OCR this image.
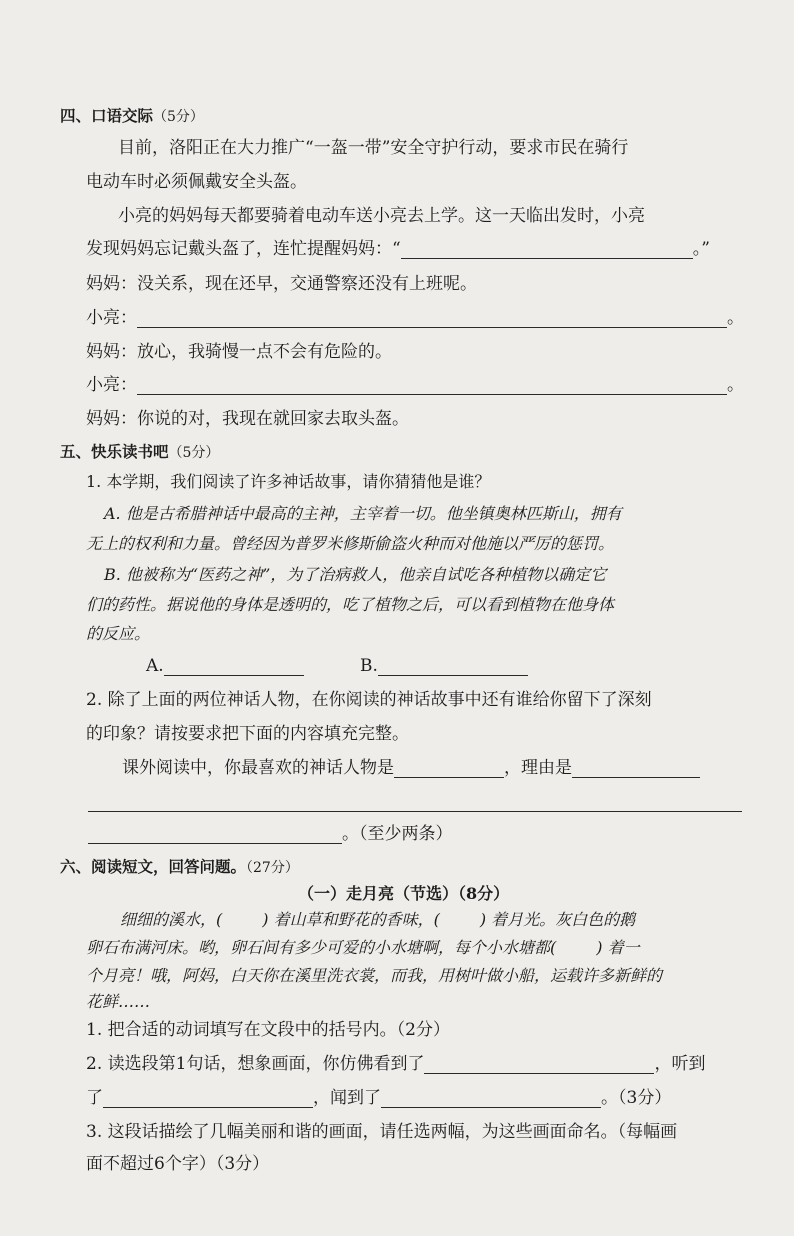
四、口语交际（5分）
目前，洛阳正在大力推广“一盔一带”安全守护行动，要求市民在骑行
电动车时必须佩戴安全头盔。
小亮的妈妈每天都要骑着电动车送小亮去上学。这一天临出发时，小亮
发现妈妈忘记戴头盔了，连忙提醒妈妈：“	。”
妈妈：没关系，现在还早，交通警察还没有上班呢。
小亮：	。
妈妈：放心，我骑慢一点不会有危险的。
小亮：	。
妈妈：你说的对，我现在就回家去取头盔。
五、快乐读书吧（5分）
1. 本学期，我们阅读了许多神话故事，请你猜猜他是谁？
A. 他是古希腊神话中最高的主神，主宰着一切。他坐镇奥林匹斯山，拥有
无上的权利和力量。曾经因为普罗米修斯偷盗火种而对他施以严厉的惩罚。
B. 他被称为“医药之神”，为了治病救人，他亲自试吃各种植物以确定它
们的药性。据说他的身体是透明的，吃了植物之后，可以看到植物在他身体
的反应。
A.	B.
2. 除了上面的两位神话人物，在你阅读的神话故事中还有谁给你留下了深刻
的印象？请按要求把下面的内容填充完整。
课外阅读中，你最喜欢的神话人物是	，理由是
。（至少两条）
六、阅读短文，回答问题。（27分）
（一）走月亮（节选）（8分）
细细的溪水，(	) 着山草和野花的香味，(	) 着月光。灰白色的鹅
卵石布满河床。哟，卵石间有多少可爱的小水塘啊，每个小水塘都(	) 着一
个月亮！哦，阿妈，白天你在溪里洗衣裳，而我，用树叶做小船，运载许多新鲜的
花鲜……
1. 把合适的动词填写在文段中的括号内。（2分）
2. 读选段第1句话，想象画面，你仿佛看到了	，听到
了	，闻到了	。（3分）
3. 这段话描绘了几幅美丽和谐的画面，请任选两幅，为这些画面命名。（每幅画
面不超过6个字）（3分）
